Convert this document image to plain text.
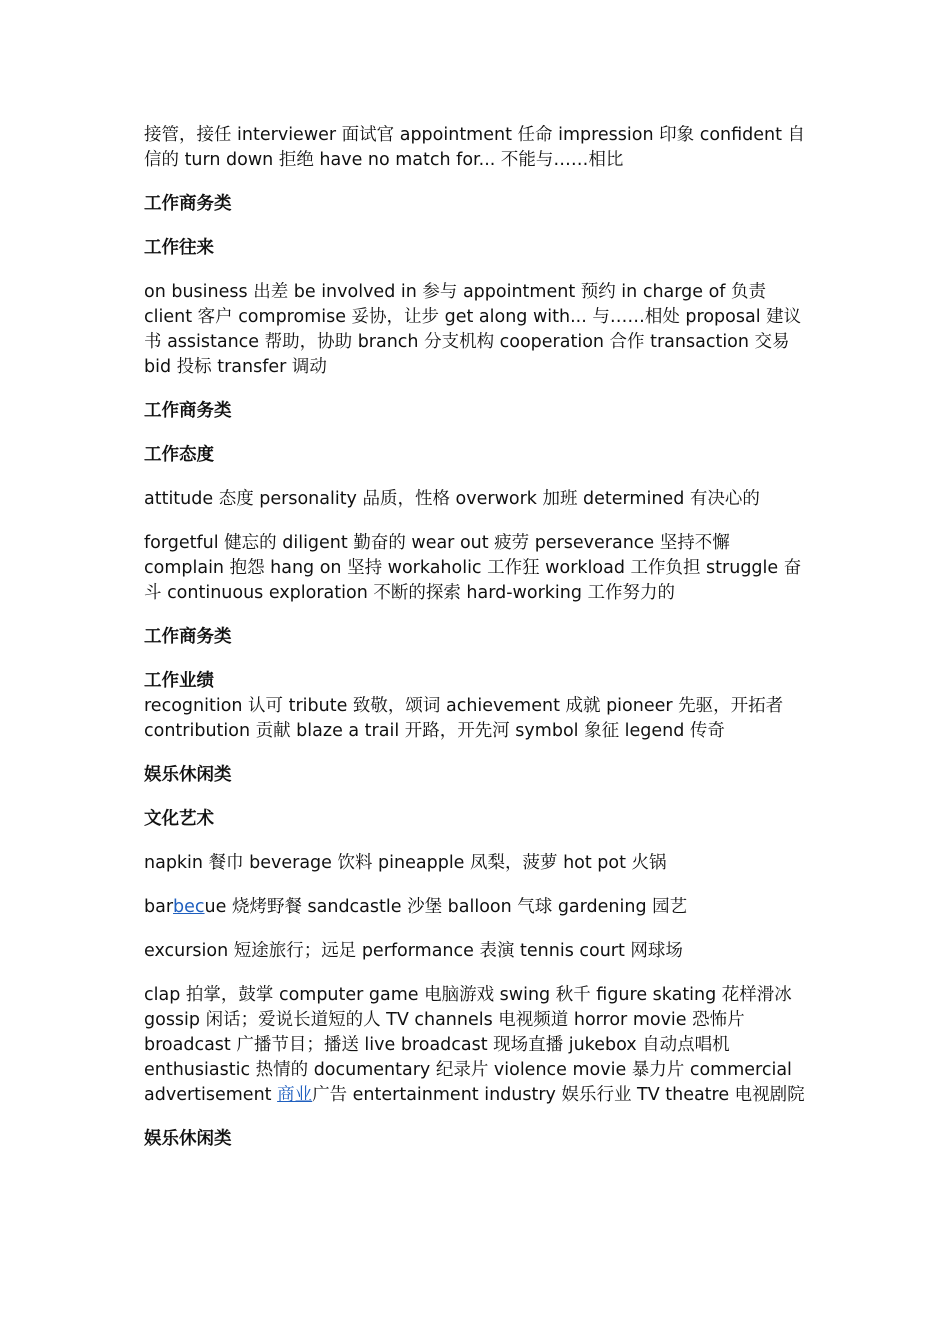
接管，接任 interviewer 面试官 appointment 任命 impression 印象 confident 自信的 turn down 拒绝 have no match for... 不能与……相比

工作商务类

工作往来

on business 出差 be involved in 参与 appointment 预约 in charge of 负责 client 客户 compromise 妥协，让步 get along with... 与……相处 proposal 建议书 assistance 帮助，协助 branch 分支机构 cooperation 合作 transaction 交易 bid 投标 transfer 调动

工作商务类

工作态度

attitude 态度 personality 品质，性格 overwork 加班 determined 有决心的

forgetful 健忘的 diligent 勤奋的 wear out 疲劳 perseverance 坚持不懈 complain 抱怨 hang on 坚持 workaholic 工作狂 workload 工作负担 struggle 奋斗 continuous exploration 不断的探索 hard-working 工作努力的

工作商务类

工作业绩

recognition 认可 tribute 致敬，颂词 achievement 成就 pioneer 先驱，开拓者 contribution 贡献 blaze a trail 开路，开先河 symbol 象征 legend 传奇

娱乐休闲类

文化艺术

napkin 餐巾 beverage 饮料 pineapple 凤梨，菠萝 hot pot 火锅

barbecue 烧烤野餐 sandcastle 沙堡 balloon 气球 gardening 园艺

excursion 短途旅行；远足 performance 表演 tennis court 网球场

clap 拍掌，鼓掌 computer game 电脑游戏 swing 秋千 figure skating 花样滑冰 gossip 闲话；爱说长道短的人 TV channels 电视频道 horror movie 恐怖片 broadcast 广播节目；播送 live broadcast 现场直播 jukebox 自动点唱机 enthusiastic 热情的 documentary 纪录片 violence movie 暴力片 commercial advertisement 商业广告 entertainment industry 娱乐行业 TV theatre 电视剧院

娱乐休闲类
